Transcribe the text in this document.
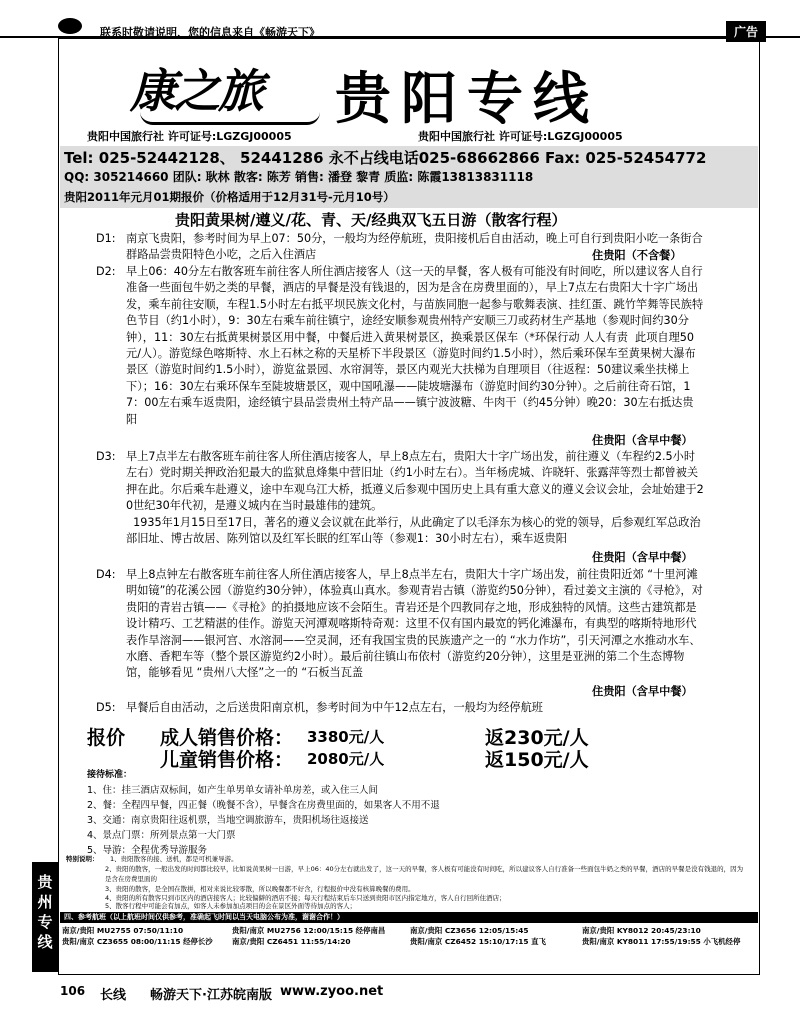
联系时敬请说明，您的信息来自《畅游天下》	广告
康之旅 贵阳专线
贵阳中国旅行社 许可证号:LGZGJ00005	贵阳中国旅行社 许可证号:LGZGJ00005
Tel: 025-52442128、 52441286 永不占线电话025-68662866 Fax: 025-52454772
QQ: 305214660 团队: 耿林 散客: 陈芳 销售: 潘登 黎青 质监: 陈霞13813831118
贵阳2011年元月01期报价（价格适用于12月31号-元月10号）
贵阳黄果树/遵义/花、青、天/经典双飞五日游（散客行程）
D1: 南京飞贵阳，参考时间为早上07：50分，一般均为经停航班，贵阳接机后自由活动，晚上可自行到贵阳小吃一条街合群路品尝贵阳特色小吃，之后入住酒店	住贵阳（不含餐）
D2: 早上06：40分左右散客班车前往客人所住酒店接客人（这一天的早餐，客人极有可能没有时间吃，所以建议客人自行准备一些面包牛奶之类的早餐，酒店的早餐是没有钱退的，因为是含在房费里面的），早上7点左右贵阳大十字广场出发，乘车前往安顺，车程1.5小时左右抵平坝民族文化村，与苗族同胞一起参与歌舞表演、挂红蛋、跳竹竿舞等民族特色节目（约1小时），9：30左右乘车前往镇宁，途经安顺参观贵州特产安顺三刀或药材生产基地（参观时间约30分钟），11：30左右抵黄果树景区用中餐，中餐后进入黄果树景区，换乘景区保车（*环保行动 人人有责  此项自理50元/人）。游览绿色喀斯特、水上石林之称的天星桥下半段景区（游览时间约1.5小时），然后乘环保车至黄果树大瀑布景区（游览时间约1.5小时），游览盆景园、水帘洞等，景区内观光大扶梯为自理项目（往返程：50建议乘坐扶梯上下）；16：30左右乘环保车至陡坡塘景区，观中国吼瀑——陡坡塘瀑布（游览时间约30分钟）。之后前往奇石馆，17：00左右乘车返贵阳，途经镇宁县品尝贵州土特产品——镇宁波波糖、牛肉干（约45分钟）晚20：30左右抵达贵阳
住贵阳（含早中餐）
D3: 早上7点半左右散客班车前往客人所住酒店接客人，早上8点左右，贵阳大十字广场出发，前往遵义（车程约2.5小时左右）党时期关押政治犯最大的监狱息烽集中营旧址（约1小时左右）。当年杨虎城、许晓轩、张露萍等烈士都曾被关押在此。尔后乘车赴遵义，途中车观乌江大桥，抵遵义后参观中国历史上具有重大意义的遵义会议会址，会址始建于20世纪30年代初，是遵义城内在当时最雄伟的建筑。
1935年1月15日至17日，著名的遵义会议就在此举行，从此确定了以毛泽东为核心的党的领导，后参观红军总政治部旧址、博古故居、陈列馆以及红军长眠的红军山等（参观1：30小时左右），乘车返贵阳
住贵阳（含早中餐）
D4: 早上8点钟左右散客班车前往客人所住酒店接客人，早上8点半左右，贵阳大十字广场出发，前往贵阳近郊 “十里河滩明如镜”的花溪公园（游览约30分钟），体验真山真水。参观青岩古镇（游览约50分钟），看过姜文主演的《寻枪》，对贵阳的青岩古镇——《寻枪》的拍摄地应该不会陌生。青岩还是个四教同存之地，形成独特的风情。这些古建筑都是设计精巧、工艺精湛的佳作。游览天河潭观喀斯特奇观：这里不仅有国内最宽的钙化滩瀑布，有典型的喀斯特地形代表作旱溶洞——银河宫、水溶洞——空灵洞，还有我国宝贵的民族遗产之一的 “水力作坊”，引天河潭之水推动水车、水磨、香粑车等（整个景区游览约2小时）。最后前往镇山布依村（游览约20分钟），这里是亚洲的第二个生态博物馆，能够看见 “贵州八大怪”之一的 “石板当瓦盖
住贵阳（含早中餐）
D5: 早餐后自由活动，之后送贵阳南京机，参考时间为中午12点左右，一般均为经停航班
报价 成人销售价格： 3380元/人	返230元/人
儿童销售价格： 2080元/人	返150元/人
接待标准：
1、住：挂三酒店双标间，如产生单男单女请补单房差，或入住三人间
2、餐：全程四早餐，四正餐（晚餐不含），早餐含在房费里面的，如果客人不用不退
3、交通：南京贵阳往返机票，当地空调旅游车，贵阳机场往返接送
4、景点门票：所列景点第一大门票
5、导游：全程优秀导游服务
特别说明： 1、贵阳散客的接、送机，都是可机兼导游。
2、贵阳的散客，一般出发的时间都比较早，比如说黄果树一日游，早上06：40分左右就出发了，这一天的早餐，客人极有可能没有时间吃，所以建议客人自行准备一些面包牛奶之类的早餐，酒店的早餐是没有钱退的，因为是含在房费里面的
3、贵阳的散客，是全国在散拼，相对来说比较零散，所以晚餐都不好含，行程报价中没有核算晚餐的费用。
4、贵阳的所有散客只到市区内的酒店接客人；比较偏僻的酒店不接；每天行程结束后车只送到贵阳市区内指定地方，客人自行回所住酒店；
5、散客行程中可能会有加点，如客人未参加加点项目的会在景区外面等待加点的客人；
四、参考航班（以上航班时间仅供参考，准确起飞时间以当天电脑公布为准，谢谢合作！）
南京/贵阳 MU2755 07:50/11:10	贵阳/南京 MU2756 12:00/15:15 经停南昌	南京/贵阳 CZ3656 12:05/15:45	南京/贵阳 KY8012 20:45/23:10
贵阳/南京 CZ3655 08:00/11:15 经停长沙	南京/贵阳 CZ6451 11:55/14:20	贵阳/南京 CZ6452 15:10/17:15 直飞	贵阳/南京 KY8011 17:55/19:55 小飞机经停
贵州专线
106 长线 畅游天下·江苏皖南版 www.zyoo.net
